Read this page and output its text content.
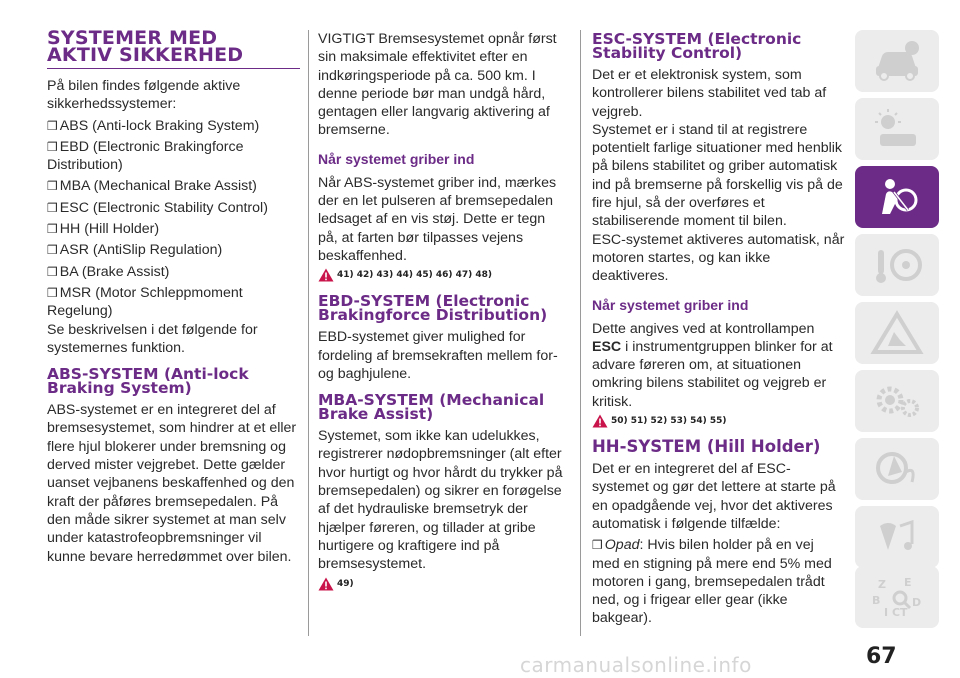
SYSTEMER MED
AKTIV SIKKERHED

På bilen findes følgende aktive sikkerhedssystemer:

❒ ABS (Anti-lock Braking System)

❒ EBD (Electronic Brakingforce Distribution)

❒ MBA (Mechanical Brake Assist)

❒ ESC (Electronic Stability Control)

❒ HH (Hill Holder)

❒ ASR (AntiSlip Regulation)

❒ BA (Brake Assist)

❒ MSR (Motor Schleppmoment Regelung)

Se beskrivelsen i det følgende for systemernes funktion.

ABS-SYSTEM (Anti-lock Braking System)

ABS-systemet er en integreret del af bremsesystemet, som hindrer at et eller flere hjul blokerer under bremsning og derved mister vejgrebet. Dette gælder uanset vejbanens beskaffenhed og den kraft der påføres bremsepedalen. På den måde sikrer systemet at man selv under katastrofeopbremsninger vil kunne bevare herredømmet over bilen.

VIGTIGT Bremsesystemet opnår først sin maksimale effektivitet efter en indkøringsperiode på ca. 500 km. I denne periode bør man undgå hård, gentagen eller langvarig aktivering af bremserne.

Når systemet griber ind

Når ABS-systemet griber ind, mærkes der en let pulseren af bremsepedalen ledsaget af en vis støj. Dette er tegn på, at farten bør tilpasses vejens beskaffenhed.

41) 42) 43) 44) 45) 46) 47) 48)
EBD-SYSTEM (Electronic Brakingforce Distribution)

EBD-systemet giver mulighed for fordeling af bremsekraften mellem for- og baghjulene.

MBA-SYSTEM (Mechanical Brake Assist)

Systemet, som ikke kan udelukkes, registrerer nødopbremsninger (alt efter hvor hurtigt og hvor hårdt du trykker på bremsepedalen) og sikrer en forøgelse af det hydrauliske bremsetryk der hjælper føreren, og tillader at gribe hurtigere og kraftigere ind på bremsesystemet.

49)
ESC-SYSTEM (Electronic Stability Control)

Det er et elektronisk system, som kontrollerer bilens stabilitet ved tab af vejgreb.

Systemet er i stand til at registrere potentielt farlige situationer med henblik på bilens stabilitet og griber automatisk ind på bremserne på forskellig vis på de fire hjul, så der overføres et stabiliserende moment til bilen.

ESC-systemet aktiveres automatisk, når motoren startes, og kan ikke deaktiveres.

Når systemet griber ind

Dette angives ved at kontrollampen ESC i instrumentgruppen blinker for at advare føreren om, at situationen omkring bilens stabilitet og vejgreb er kritisk.

50) 51) 52) 53) 54) 55)
HH-SYSTEM (Hill Holder)

Det er en integreret del af ESC-systemet og gør det lettere at starte på en opadgående vej, hvor det aktiveres automatisk i følgende tilfælde:

❒ Opad: Hvis bilen holder på en vej med en stigning på mere end 5% med motoren i gang, bremsepedalen trådt ned, og i frigear eller gear (ikke bakgear).

Z E
B	D
I C T
67
carmanualsonline.info
